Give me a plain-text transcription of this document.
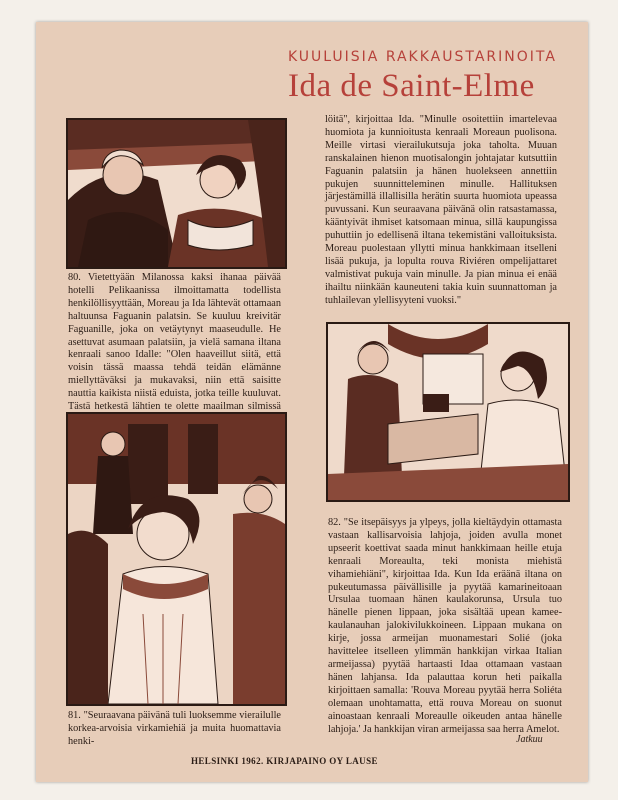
KUULUISIA RAKKAUSTARINOITA
Ida de Saint-Elme

80. Vietettyään Milanossa kaksi ihanaa päivää hotelli Pelikaanissa ilmoittamatta todellista henkilöllisyyttään, Moreau ja Ida lähtevät ottamaan haltuunsa Faguanin palatsin. Se kuuluu kreivitär Faguanille, joka on vetäytynyt maaseudulle. He asettuvat asumaan palatsiin, ja vielä samana iltana kenraali sanoo Idalle: "Olen haaveillut siitä, että voisin tässä maassa tehdä teidän elämänne miellyttäväksi ja mukavaksi, niin että saisitte nauttia kaikista niistä eduista, jotka teille kuuluvat. Tästä hetkestä lähtien te olette maailman silmissä

81. "Seuraavana päivänä tuli luoksemme vierailulle korkea-arvoisia virkamiehiä ja muita huomattavia henki-

löitä", kirjoittaa Ida. "Minulle osoitettiin imartelevaa huomiota ja kunnioitusta kenraali Moreaun puolisona. Meille virtasi vierailukutsuja joka taholta. Muuan ranskalainen hienon muotisalongin johtajatar kutsuttiin Faguanin palatsiin ja hänen huolekseen annettiin pukujen suunnitteleminen minulle. Hallituksen järjestämillä illallisilla herätin suurta huomiota upeassa puvussani. Kun seuraavana päivänä olin ratsastamassa, kääntyivät ihmiset katsomaan minua, sillä kaupungissa puhuttiin jo edellisenä iltana tekemistäni valloituksista. Moreau puolestaan yllytti minua hankkimaan itselleni lisää pukuja, ja lopulta rouva Riviéren ompelijattaret valmistivat pukuja vain minulle. Ja pian minua ei enää ihailtu niinkään kauneuteni takia kuin suunnattoman ja tuhlailevan ylellisyyteni vuoksi."

82. "Se itsepäisyys ja ylpeys, jolla kieltäydyin ottamasta vastaan kallisarvoisia lahjoja, joiden avulla monet upseerit koettivat saada minut hankkimaan heille etuja kenraali Moreaulta, teki monista miehistä vihamiehiäni", kirjoittaa Ida. Kun Ida eräänä iltana on pukeutumassa päivällisille ja pyytää kamarineitoaan Ursulaa tuomaan hänen kaulakorunsa, Ursula tuo hänelle pienen lippaan, joka sisältää upean kamee-kaulanauhan jalokivilukkoineen. Lippaan mukana on kirje, jossa armeijan muonamestari Solié (joka havittelee itselleen ylimmän hankkijan virkaa Italian armeijassa) pyytää hartaasti Idaa ottamaan vastaan hänen lahjansa. Ida palauttaa korun heti paikalla kirjoittaen samalla: 'Rouva Moreau pyytää herra Soliéta olemaan unohtamatta, että rouva Moreau on suonut ainoastaan kenraali Moreaulle oikeuden antaa hänelle lahjoja.' Ja hankkijan viran armeijassa saa herra Amelot.

Jatkuu
HELSINKI 1962. KIRJAPAINO OY LAUSE
